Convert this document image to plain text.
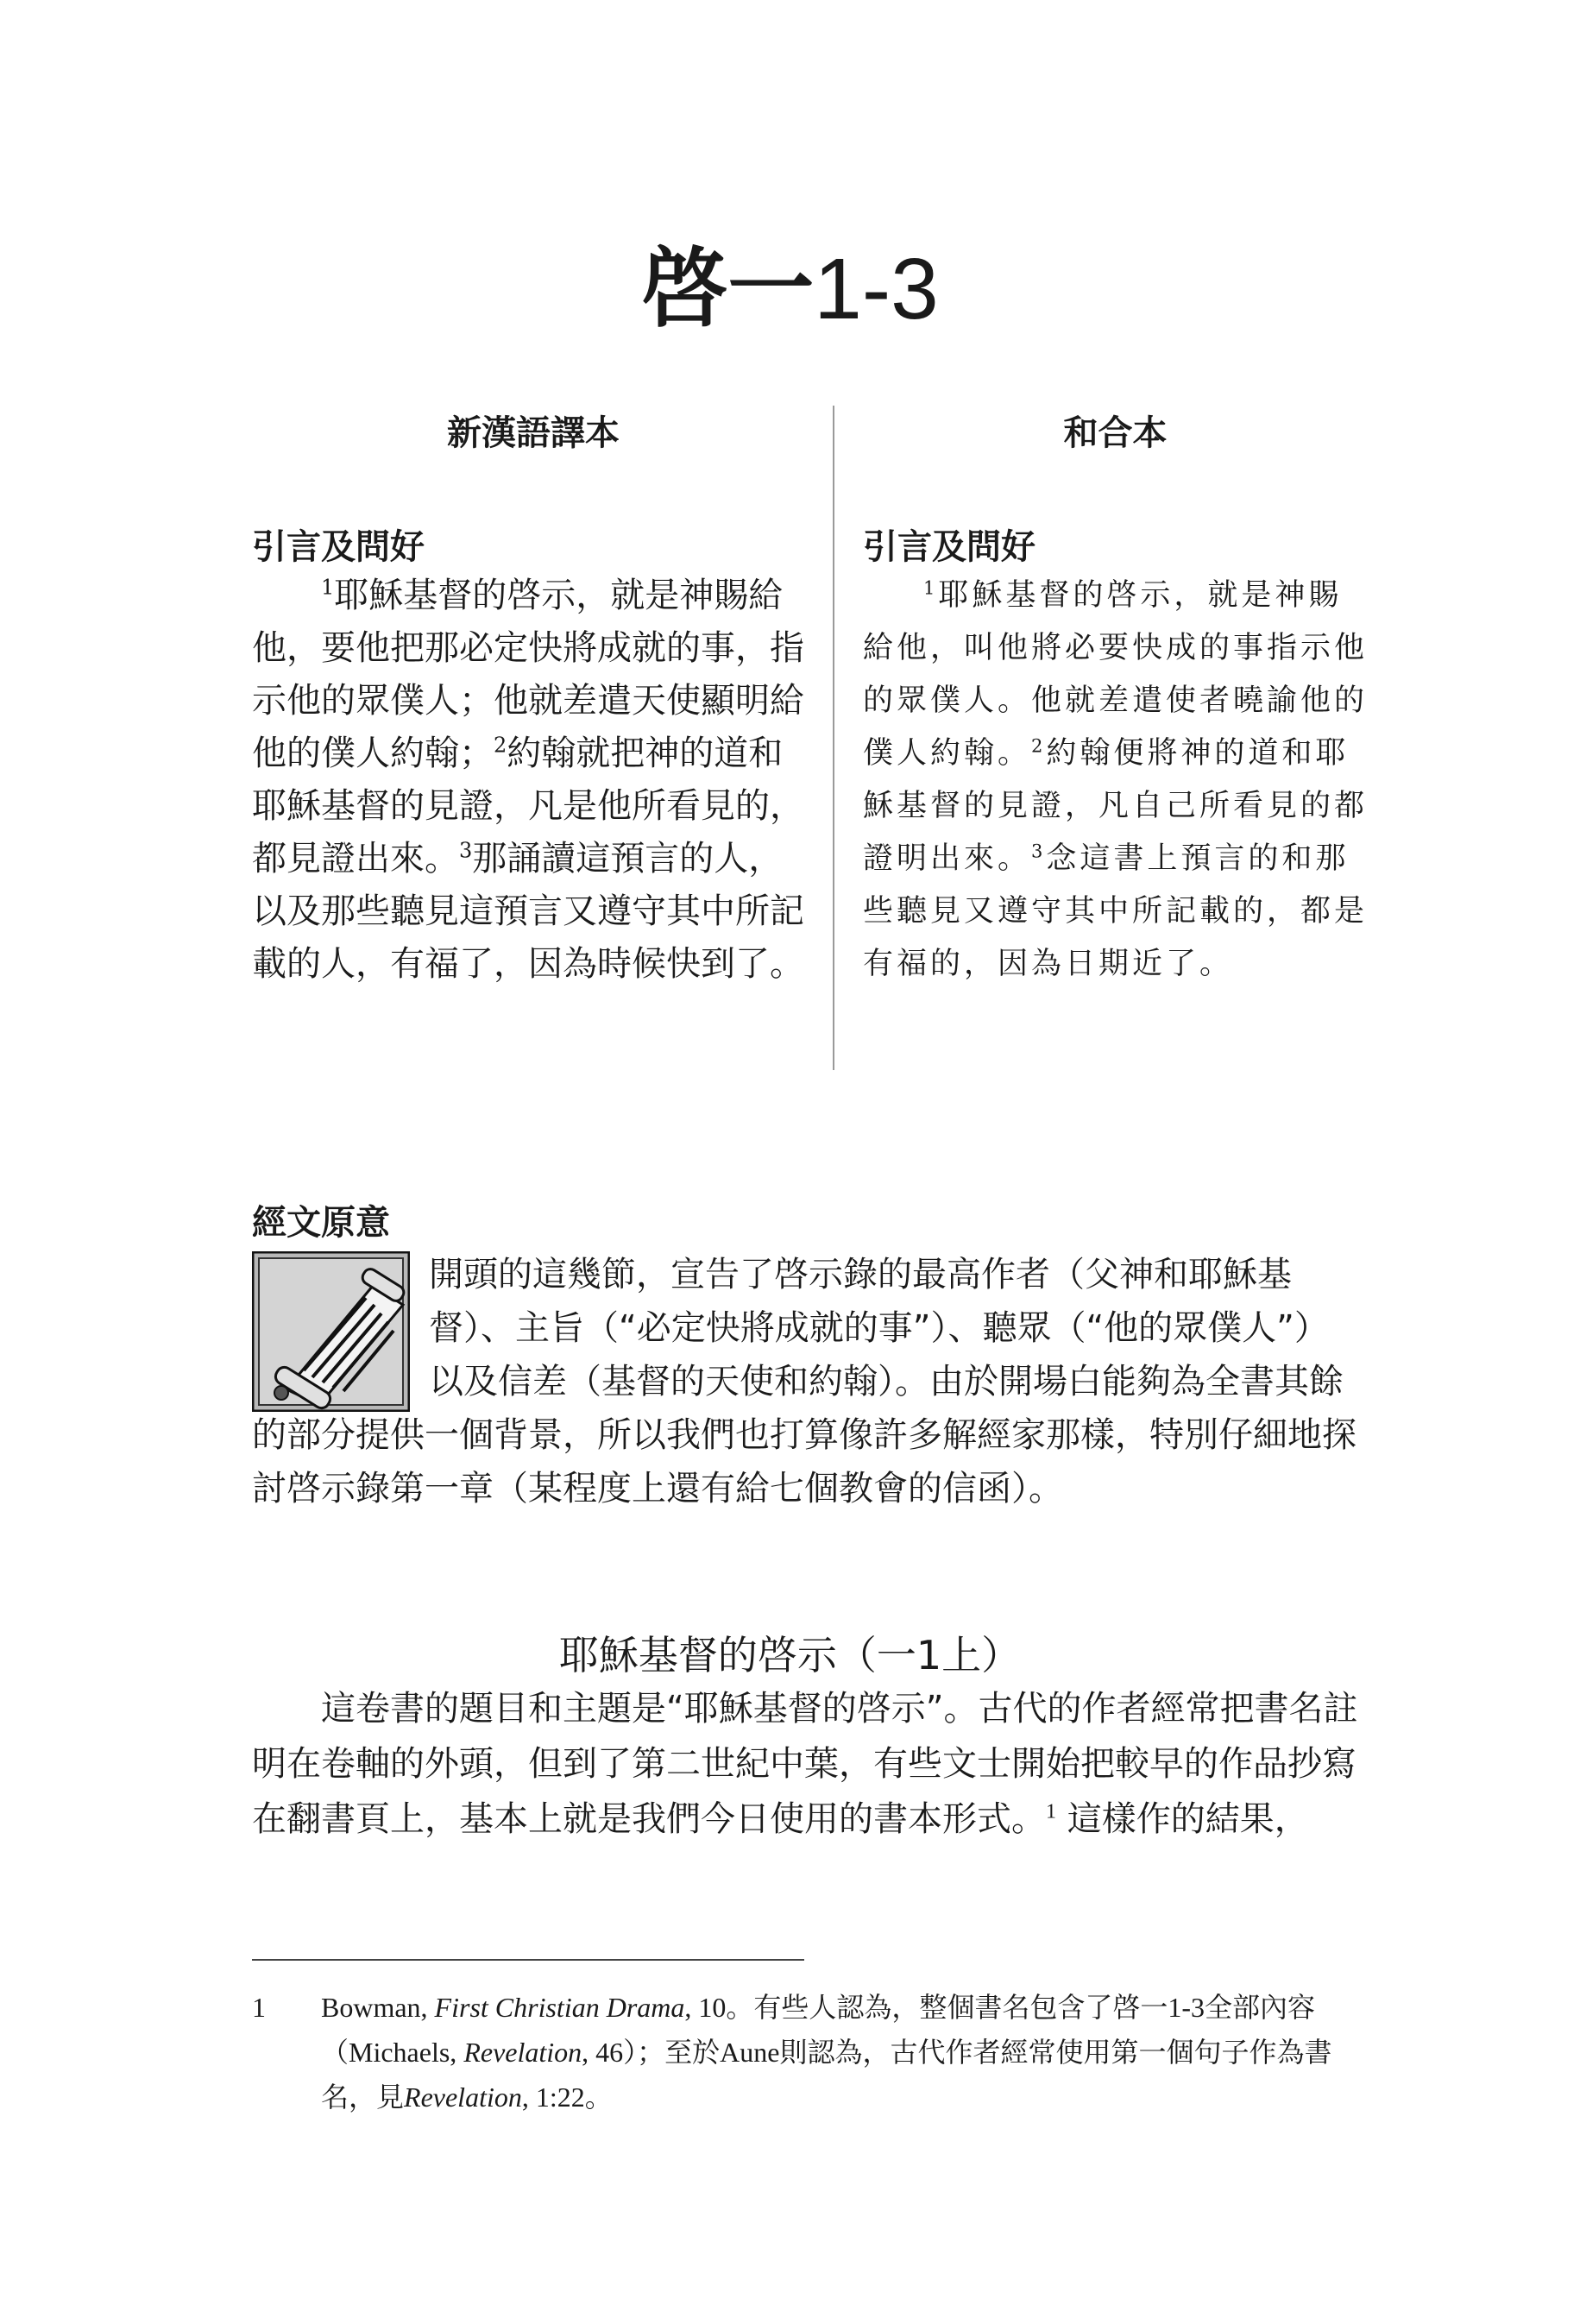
啓一1-3
新漢語譯本	和合本
引言及問好	引言及問好

$^1$耶穌基督的啓示，就是神賜給他，要他把那必定快將成就的事，指示他的眾僕人；他就差遣天使顯明給他的僕人約翰；$^2$約翰就把神的道和耶穌基督的見證，凡是他所看見的，都見證出來。$^3$那誦讀這預言的人，以及那些聽見這預言又遵守其中所記載的人，有福了，因為時候快到了。

$^1$耶穌基督的啓示，就是神賜給他，叫他將必要快成的事指示他的眾僕人。他就差遣使者曉諭他的僕人約翰。$^2$約翰便將神的道和耶穌基督的見證，凡自己所看見的都證明出來。$^3$念這書上預言的和那些聽見又遵守其中所記載的，都是有福的，因為日期近了。

經文原意

開頭的這幾節，宣告了啓示錄的最高作者（父神和耶穌基督）、主旨（“必定快將成就的事”）、聽眾（“他的眾僕人”）以及信差（基督的天使和約翰）。由於開場白能夠為全書其餘的部分提供一個背景，所以我們也打算像許多解經家那樣，特別仔細地探討啓示錄第一章（某程度上還有給七個教會的信函）。

耶穌基督的啓示（一1上）

這卷書的題目和主題是“耶穌基督的啓示”。古代的作者經常把書名註明在卷軸的外頭，但到了第二世紀中葉，有些文士開始把較早的作品抄寫在翻書頁上，基本上就是我們今日使用的書本形式。$^1$ 這樣作的結果，

1 Bowman, First Christian Drama, 10。有些人認為，整個書名包含了啓一1-3全部內容（Michaels, Revelation, 46）；至於Aune則認為，古代作者經常使用第一個句子作為書名，見Revelation, 1:22。
